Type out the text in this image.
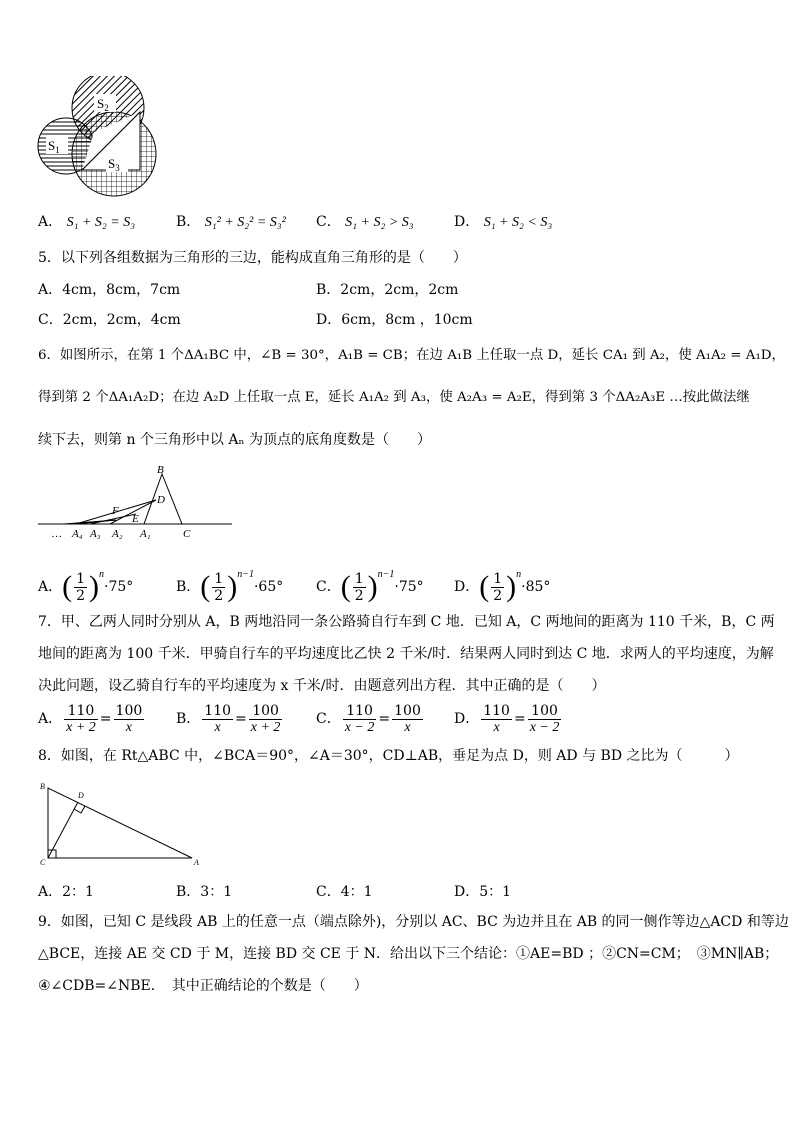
$S_2$
$S_1$
$S_3$
A． S₁ + S₂ = S₃	B． S₁² + S₂² = S₃² C． S₁ + S₂ > S₃	D． S₁ + S₂ < S₃
5．以下列各组数据为三角形的三边，能构成直角三角形的是（　　）
A．4cm，8cm，7cm	B．2cm，2cm，2cm
C．2cm，2cm，4cm	D．6cm，8cm ，10cm
6．如图所示，在第 1 个ΔA₁BC 中，∠B = 30°，A₁B = CB；在边 A₁B 上任取一点 D，延长 CA₁ 到 A₂，使 A₁A₂ = A₁D，
得到第 2 个ΔA₁A₂D；在边 A₂D 上任取一点 E，延长 A₁A₂ 到 A₃，使 A₂A₃ = A₂E，得到第 3 个ΔA₂A₃E …按此做法继
续下去，则第 n 个三角形中以 Aₙ 为顶点的底角度数是（　　）
B
D
F
E
C
… A₄ A₃ A₂ A₁
A．( $\frac{1}{2} )^n\cdot 75^\circ$	B．( $\frac{1}{2} )^{n-1}\cdot 65^\circ$ C．( $\frac{1}{2} )^{n-1}\cdot 75^\circ$ D．( $\frac{1}{2} )^n\cdot 85^\circ$
7．甲、乙两人同时分别从 A，B 两地沿同一条公路骑自行车到 C 地．已知 A，C 两地间的距离为 110 千米，B，C 两
地间的距离为 100 千米．甲骑自行车的平均速度比乙快 2 千米/时．结果两人同时到达 C 地．求两人的平均速度，为解
决此问题，设乙骑自行车的平均速度为 x 千米/时．由题意列出方程．其中正确的是（　　）
A． $\frac{110}{x + 2} = \frac{100}{x}$ B． $\frac{110}{x} = \frac{100}{x + 2}$ C． $\frac{110}{x - 2} = \frac{100}{x}$ D． $\frac{110}{x} = \frac{100}{x - 2}$
8．如图，在 Rt△ABC 中，∠BCA＝90°，∠A＝30°，CD⊥AB，垂足为点 D，则 AD 与 BD 之比为（　　　）
B
D
C	A
A．2：1	B．3：1	C．4：1	D．5：1
9．如图，已知 C 是线段 AB 上的任意一点（端点除外)，分别以 AC、BC 为边并且在 AB 的同一侧作等边△ACD 和等边
△BCE，连接 AE 交 CD 于 M，连接 BD 交 CE 于 N．给出以下三个结论：①AE=BD ；②CN=CM；　③MN∥AB；
④∠CDB=∠NBE．　其中正确结论的个数是（　　）
